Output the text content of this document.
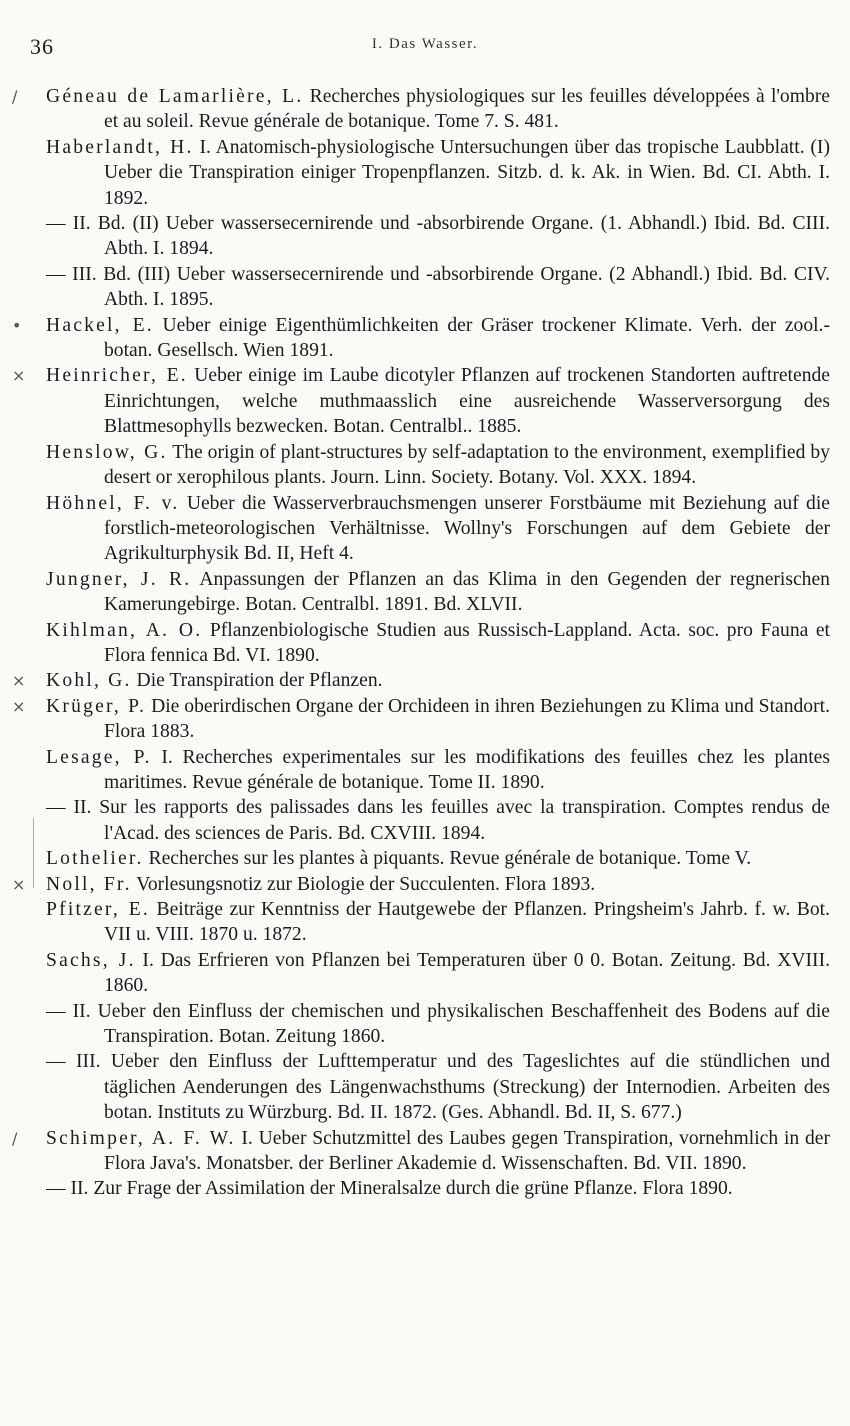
36	I. Das Wasser.
/ Géneau de Lamarlière, L. Recherches physiologiques sur les feuilles développées à l'ombre et au soleil. Revue générale de botanique. Tome 7. S. 481.
Haberlandt, H. I. Anatomisch-physiologische Untersuchungen über das tropische Laubblatt. (I) Ueber die Transpiration einiger Tropenpflanzen. Sitzb. d. k. Ak. in Wien. Bd. CI. Abth. I. 1892.
— II. Bd. (II) Ueber wassersecernirende und -absorbirende Organe. (1. Abhandl.) Ibid. Bd. CIII. Abth. I. 1894.
— III. Bd. (III) Ueber wassersecernirende und -absorbirende Organe. (2 Abhandl.) Ibid. Bd. CIV. Abth. I. 1895.
• Hackel, E. Ueber einige Eigenthümlichkeiten der Gräser trockener Klimate. Verh. der zool.-botan. Gesellsch. Wien 1891.
× Heinricher, E. Ueber einige im Laube dicotyler Pflanzen auf trockenen Standorten auftretende Einrichtungen, welche muthmaasslich eine ausreichende Wasserversorgung des Blattmesophylls bezwecken. Botan. Centralbl.. 1885.
Henslow, G. The origin of plant-structures by self-adaptation to the environment, exemplified by desert or xerophilous plants. Journ. Linn. Society. Botany. Vol. XXX. 1894.
Höhnel, F. v. Ueber die Wasserverbrauchsmengen unserer Forstbäume mit Beziehung auf die forstlich-meteorologischen Verhältnisse. Wollny's Forschungen auf dem Gebiete der Agrikulturphysik Bd. II, Heft 4.
Jungner, J. R. Anpassungen der Pflanzen an das Klima in den Gegenden der regnerischen Kamerungebirge. Botan. Centralbl. 1891. Bd. XLVII.
Kihlman, A. O. Pflanzenbiologische Studien aus Russisch-Lappland. Acta. soc. pro Fauna et Flora fennica Bd. VI. 1890.
× Kohl, G. Die Transpiration der Pflanzen.
× Krüger, P. Die oberirdischen Organe der Orchideen in ihren Beziehungen zu Klima und Standort. Flora 1883.
Lesage, P. I. Recherches experimentales sur les modifikations des feuilles chez les plantes maritimes. Revue générale de botanique. Tome II. 1890.
— II. Sur les rapports des palissades dans les feuilles avec la transpiration. Comptes rendus de l'Acad. des sciences de Paris. Bd. CXVIII. 1894.
Lothelier. Recherches sur les plantes à piquants. Revue générale de botanique. Tome V.
× Noll, Fr. Vorlesungsnotiz zur Biologie der Succulenten. Flora 1893.
Pfitzer, E. Beiträge zur Kenntniss der Hautgewebe der Pflanzen. Pringsheim's Jahrb. f. w. Bot. VII u. VIII. 1870 u. 1872.
Sachs, J. I. Das Erfrieren von Pflanzen bei Temperaturen über 0 0. Botan. Zeitung. Bd. XVIII. 1860.
— II. Ueber den Einfluss der chemischen und physikalischen Beschaffenheit des Bodens auf die Transpiration. Botan. Zeitung 1860.
— III. Ueber den Einfluss der Lufttemperatur und des Tageslichtes auf die stündlichen und täglichen Aenderungen des Längenwachsthums (Streckung) der Internodien. Arbeiten des botan. Instituts zu Würzburg. Bd. II. 1872. (Ges. Abhandl. Bd. II, S. 677.)
/ Schimper, A. F. W. I. Ueber Schutzmittel des Laubes gegen Transpiration, vornehmlich in der Flora Java's. Monatsber. der Berliner Akademie d. Wissenschaften. Bd. VII. 1890.
— II. Zur Frage der Assimilation der Mineralsalze durch die grüne Pflanze. Flora 1890.
